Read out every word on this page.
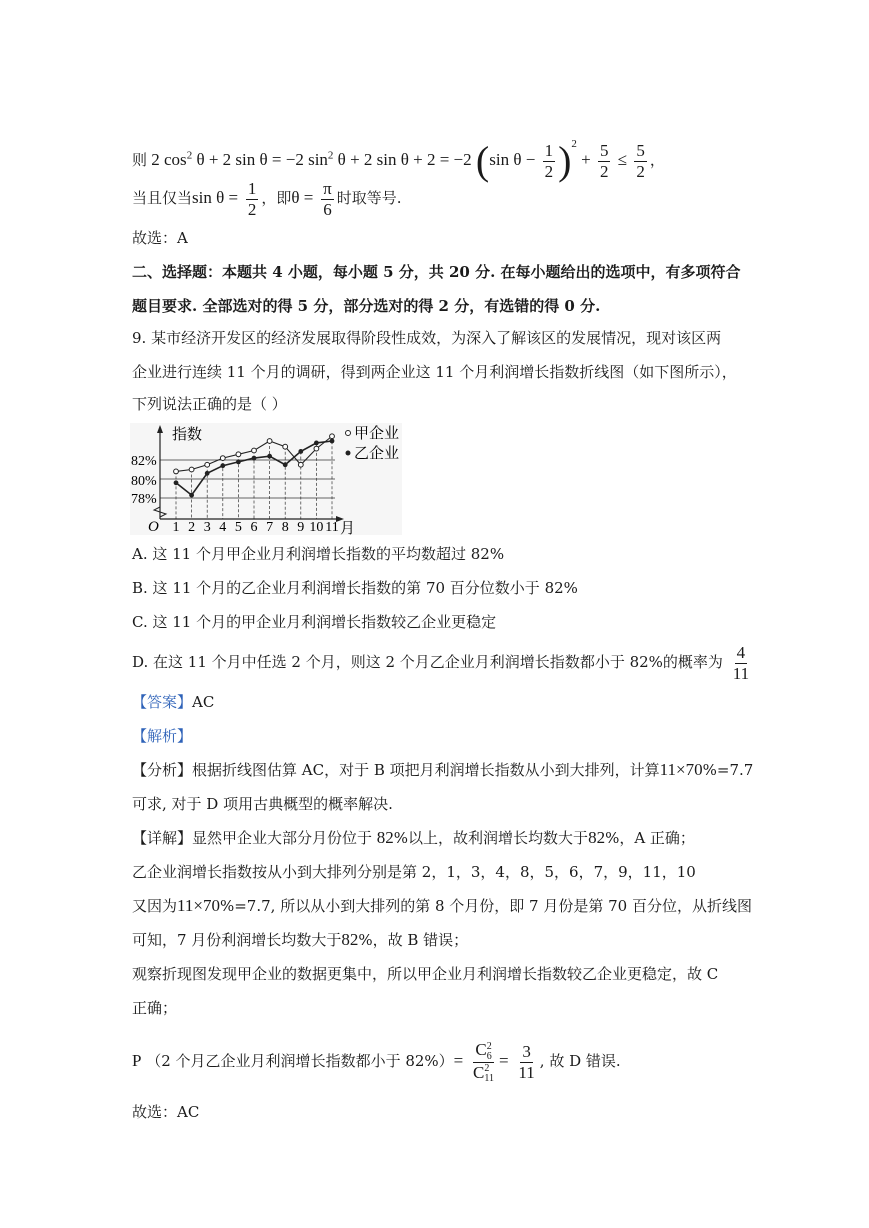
则 2 $\cos^2 \theta + 2$ sin θ = −2 $\sin^2 \theta + 2$ sin θ + 2 = −2 (sin $\theta - \frac{1}{2} )^2 + \frac{5}{2} \le \frac{5}{2}$ ，
当且仅当$\sin \theta = \frac{1}{2}$ ，即$\theta = \frac{\pi}{6}$ 时取等号.
故选：A
二、选择题：本题共 4 小题，每小题 5 分，共 20 分. 在每小题给出的选项中，有多项符合
题目要求. 全部选对的得 5 分，部分选对的得 2 分，有选错的得 0 分.
9. 某市经济开发区的经济发展取得阶段性成效，为深入了解该区的发展情况，现对该区两
企业进行连续 11 个月的调研，得到两企业这 11 个月利润增长指数折线图（如下图所示），
下列说法正确的是（ ）
指数
月
O
82%
80%
78%
1 2 3 4 5 6 7 8 9 10 11
甲企业
乙企业
A. 这 11 个月甲企业月利润增长指数的平均数超过 82%
B. 这 11 个月的乙企业月利润增长指数的第 70 百分位数小于 82%
C. 这 11 个月的甲企业月利润增长指数较乙企业更稳定
D. 在这 11 个月中任选 2 个月，则这 2 个月乙企业月利润增长指数都小于 82%的概率为 $\frac{4}{11}$
【答案】AC
【解析】
【分析】根据折线图估算 AC，对于 B 项把月利润增长指数从小到大排列，计算11×70%=7.7
可求, 对于 D 项用古典概型的概率解决.
【详解】显然甲企业大部分月份位于 82%以上，故利润增长均数大于82%，A 正确；
乙企业润增长指数按从小到大排列分别是第 2，1，3，4，8，5，6，7，9，11，10
又因为11×70%=7.7, 所以从小到大排列的第 8 个月份，即 7 月份是第 70 百分位，从折线图
可知，7 月份利润增长均数大于82%，故 B 错误；
观察折现图发现甲企业的数据更集中，所以甲企业月利润增长指数较乙企业更稳定，故 C
正确；
P （2 个月乙企业月利润增长指数都小于 82%）= C 2
6
C 2
$11 = \frac{3}{11}$ , 故 D 错误.
故选：AC
